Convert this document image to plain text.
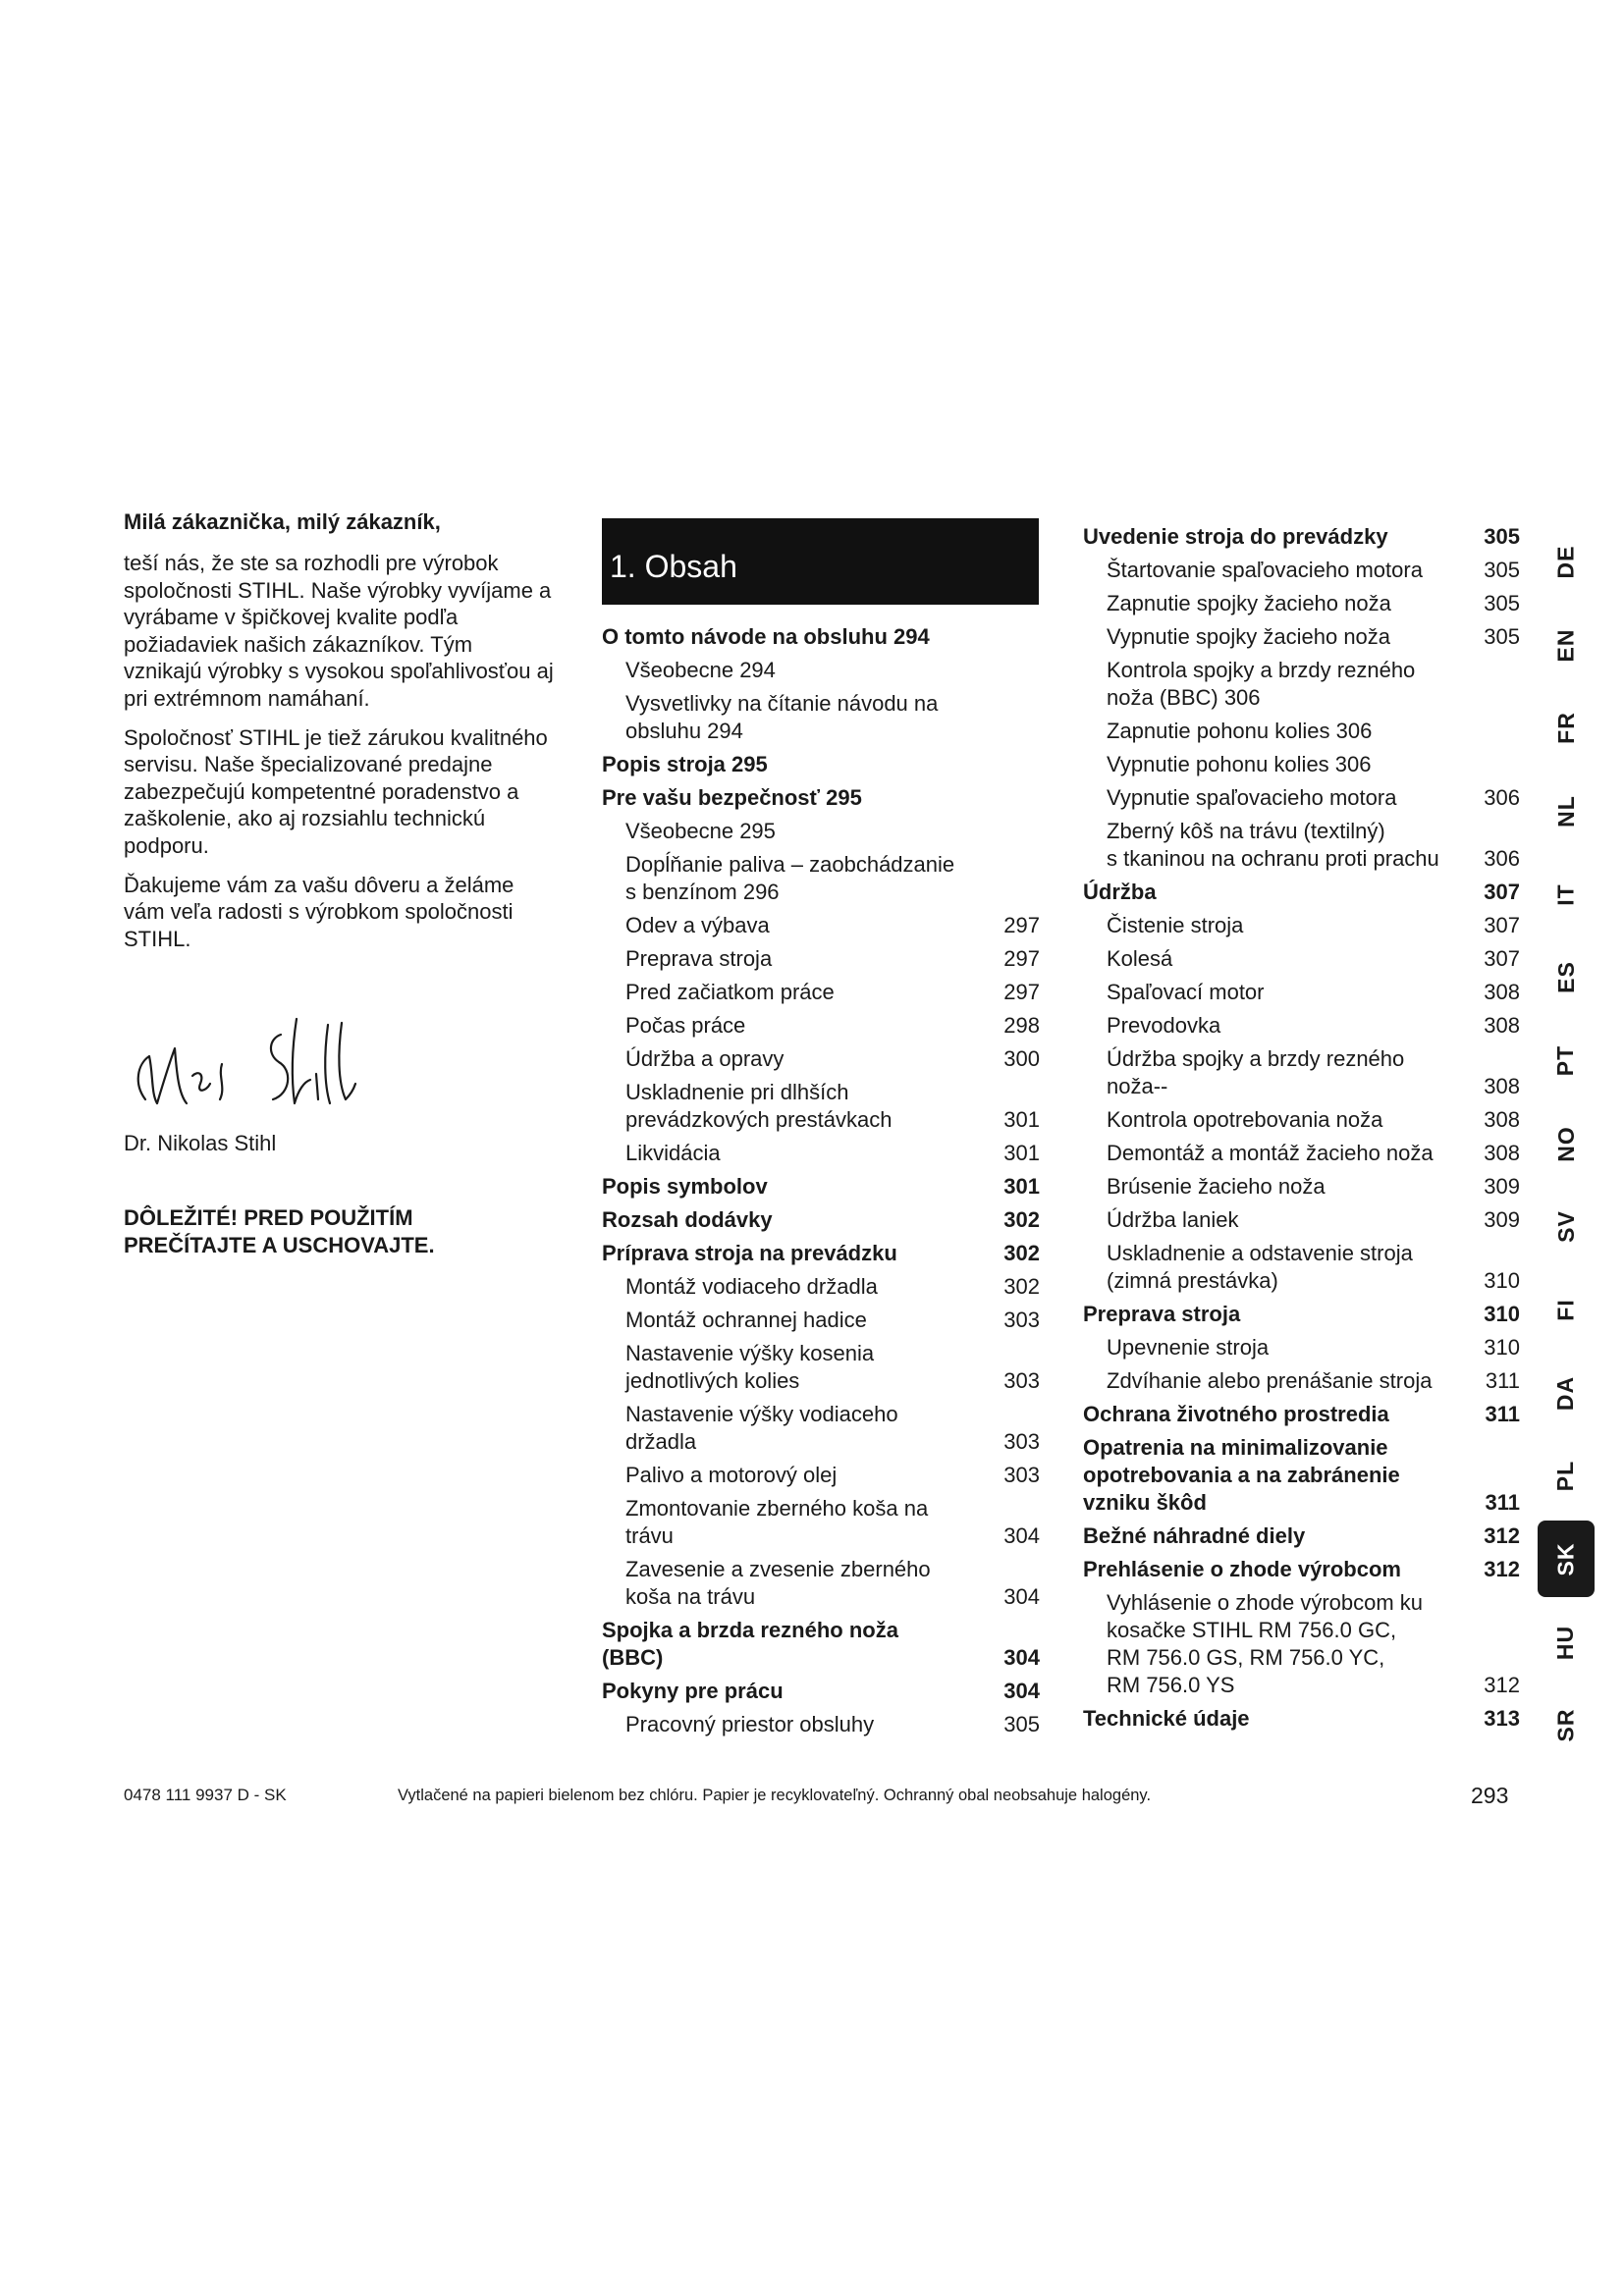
Milá zákaznička, milý zákazník,

teší nás, že ste sa rozhodli pre výrobok spoločnosti STIHL. Naše výrobky vyvíjame a vyrábame v špičkovej kvalite podľa požiadaviek našich zákazníkov. Tým vznikajú výrobky s vysokou spoľahlivosťou aj pri extrémnom namáhaní.

Spoločnosť STIHL je tiež zárukou kvalitného servisu. Naše špecializované predajne zabezpečujú kompetentné poradenstvo a zaškolenie, ako aj rozsiahlu technickú podporu.

Ďakujeme vám za vašu dôveru a želáme vám veľa radosti s výrobkom spoločnosti STIHL.

Dr. Nikolas Stihl
DÔLEŽITÉ! PRED POUŽITÍM
PREČÍTAJTE A USCHOVAJTE.
1. Obsah
O tomto návode na obsluhu 294
Všeobecne 294
Vysvetlivky na čítanie návodu na
obsluhu 294
Popis stroja 295
Pre vašu bezpečnosť 295
Všeobecne 295
Dopĺňanie paliva – zaobchádzanie
s benzínom 296
Odev a výbava	297
Preprava stroja	297
Pred začiatkom práce	297
Počas práce	298
Údržba a opravy	300
Uskladnenie pri dlhších
prevádzkových prestávkach	301
Likvidácia	301
Popis symbolov	301
Rozsah dodávky	302
Príprava stroja na prevádzku	302
Montáž vodiaceho držadla	302
Montáž ochrannej hadice	303
Nastavenie výšky kosenia
jednotlivých kolies	303
Nastavenie výšky vodiaceho
držadla	303
Palivo a motorový olej	303
Zmontovanie zberného koša na
trávu	304
Zavesenie a zvesenie zberného
koša na trávu	304
Spojka a brzda rezného noža
(BBC)	304
Pokyny pre prácu	304
Pracovný priestor obsluhy	305
Uvedenie stroja do prevádzky	305
Štartovanie spaľovacieho motora	305
Zapnutie spojky žacieho noža	305
Vypnutie spojky žacieho noža	305
Kontrola spojky a brzdy rezného
noža (BBC) 306
Zapnutie pohonu kolies 306
Vypnutie pohonu kolies 306
Vypnutie spaľovacieho motora	306
Zberný kôš na trávu (textilný)
s tkaninou na ochranu proti prachu	306
Údržba	307
Čistenie stroja	307
Kolesá	307
Spaľovací motor	308
Prevodovka	308
Údržba spojky a brzdy rezného
noža--	308
Kontrola opotrebovania noža	308
Demontáž a montáž žacieho noža	308
Brúsenie žacieho noža	309
Údržba laniek	309
Uskladnenie a odstavenie stroja
(zimná prestávka)	310
Preprava stroja	310
Upevnenie stroja	310
Zdvíhanie alebo prenášanie stroja	311
Ochrana životného prostredia	311
Opatrenia na minimalizovanie
opotrebovania a na zabránenie
vzniku škôd	311
Bežné náhradné diely	312
Prehlásenie o zhode výrobcom	312
Vyhlásenie o zhode výrobcom ku
kosačke STIHL RM 756.0 GC,
RM 756.0 GS, RM 756.0 YC,
RM 756.0 YS	312
Technické údaje	313
DE
EN
FR
NL
IT
ES
PT
NO
SV
FI
DA
PL
SK
HU
SR
0478 111 9937 D - SK	Vytlačené na papieri bielenom bez chlóru. Papier je recyklovateľný. Ochranný obal neobsahuje halogény.	293
